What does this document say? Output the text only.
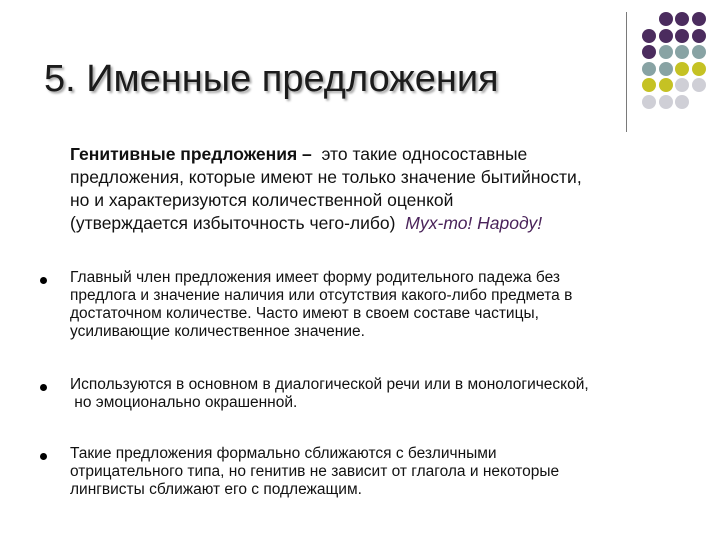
5. Именные предложения
Генитивные предложения – это такие односоставные
предложения, которые имеют не только значение бытийности,
но и характеризуются количественной оценкой
(утверждается избыточность чего-либо) Мух-то! Народу!
Главный член предложения имеет форму родительного падежа без
предлога и значение наличия или отсутствия какого-либо предмета в
достаточном количестве. Часто имеют в своем составе частицы,
усиливающие количественное значение.
Используются в основном в диалогической речи или в монологической,
но эмоционально окрашенной.
Такие предложения формально сближаются с безличными
отрицательного типа, но генитив не зависит от глагола и некоторые
лингвисты сближают его с подлежащим.
